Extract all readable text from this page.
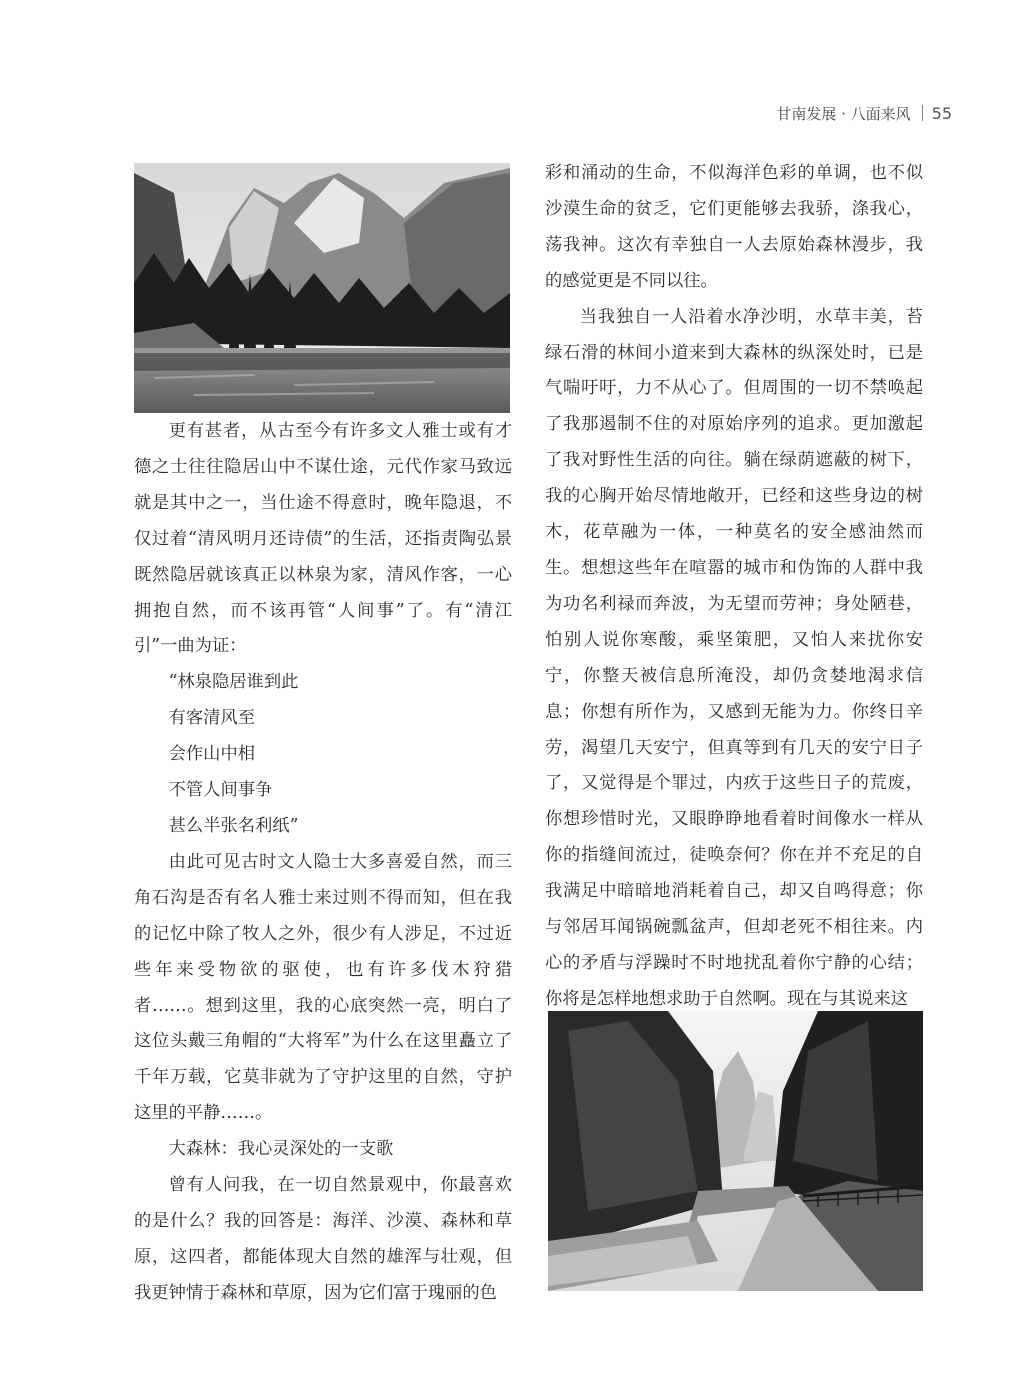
甘南发展 · 八面来风 55

更有甚者，从古至今有许多文人雅士或有才德之士往往隐居山中不谋仕途，元代作家马致远就是其中之一，当仕途不得意时，晚年隐退，不仅过着“清风明月还诗债”的生活，还指责陶弘景既然隐居就该真正以林泉为家，清风作客，一心拥抱自然，而不该再管“人间事”了。有“清江引”一曲为证：

“林泉隐居谁到此

有客清风至

会作山中相

不管人间事争

甚么半张名利纸”

由此可见古时文人隐士大多喜爱自然，而三角石沟是否有名人雅士来过则不得而知，但在我的记忆中除了牧人之外，很少有人涉足，不过近些年来受物欲的驱使，也有许多伐木狩猎者……。想到这里，我的心底突然一亮，明白了这位头戴三角帽的“大将军”为什么在这里矗立了千年万载，它莫非就为了守护这里的自然，守护这里的平静……。

大森林：我心灵深处的一支歌

曾有人问我，在一切自然景观中，你最喜欢的是什么？我的回答是：海洋、沙漠、森林和草原，这四者，都能体现大自然的雄浑与壮观，但我更钟情于森林和草原，因为它们富于瑰丽的色

彩和涌动的生命，不似海洋色彩的单调，也不似沙漠生命的贫乏，它们更能够去我骄，涤我心，荡我神。这次有幸独自一人去原始森林漫步，我的感觉更是不同以往。

当我独自一人沿着水净沙明，水草丰美，苔绿石滑的林间小道来到大森林的纵深处时，已是气喘吁吁，力不从心了。但周围的一切不禁唤起了我那遏制不住的对原始序列的追求。更加激起了我对野性生活的向往。躺在绿荫遮蔽的树下，我的心胸开始尽情地敞开，已经和这些身边的树木，花草融为一体，一种莫名的安全感油然而生。想想这些年在喧嚣的城市和伪饰的人群中我为功名利禄而奔波，为无望而劳神；身处陋巷，怕别人说你寒酸，乘坚策肥，又怕人来扰你安宁，你整天被信息所淹没，却仍贪婪地渴求信息；你想有所作为，又感到无能为力。你终日辛劳，渴望几天安宁，但真等到有几天的安宁日子了，又觉得是个罪过，内疚于这些日子的荒废，你想珍惜时光，又眼睁睁地看着时间像水一样从你的指缝间流过，徒唤奈何？你在并不充足的自我满足中暗暗地消耗着自己，却又自鸣得意；你与邻居耳闻锅碗瓢盆声，但却老死不相往来。内心的矛盾与浮躁时不时地扰乱着你宁静的心结；你将是怎样地想求助于自然啊。现在与其说来这
